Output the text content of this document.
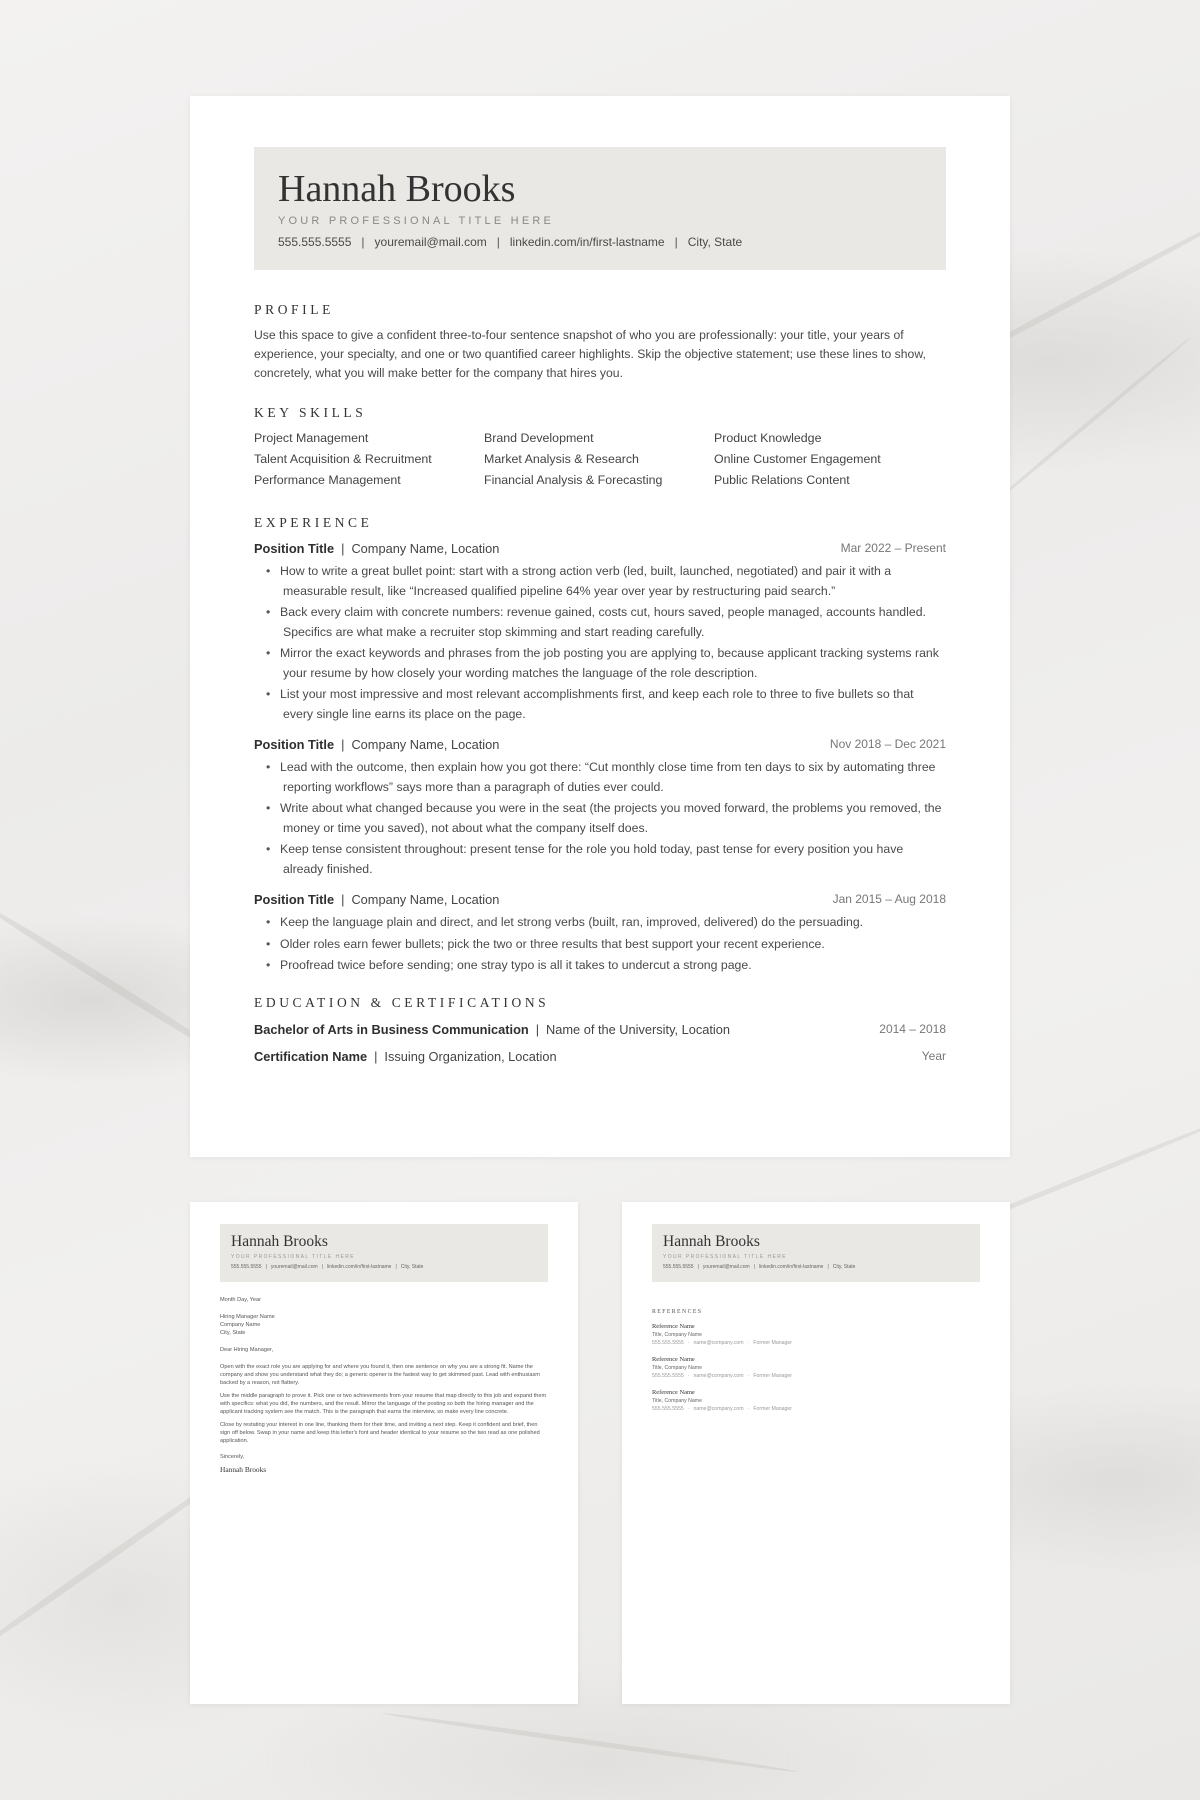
Hannah Brooks
YOUR PROFESSIONAL TITLE HERE
555.555.5555 | youremail@mail.com | linkedin.com/in/first-lastname | City, State
PROFILE
Use this space to give a confident three-to-four sentence snapshot of who you are professionally: your title, your years of experience, your specialty, and one or two quantified career highlights. Skip the objective statement; use these lines to show, concretely, what you will make better for the company that hires you.
KEY SKILLS
Project Management	Brand Development	Product Knowledge
Talent Acquisition & Recruitment	Market Analysis & Research	Online Customer Engagement
Performance Management	Financial Analysis & Forecasting	Public Relations Content
EXPERIENCE
Position Title | Company Name, Location	Mar 2022 – Present
• How to write a great bullet point: start with a strong action verb (led, built, launched, negotiated) and pair it with a measurable result, like “Increased qualified pipeline 64% year over year by restructuring paid search.”
• Back every claim with concrete numbers: revenue gained, costs cut, hours saved, people managed, accounts handled. Specifics are what make a recruiter stop skimming and start reading carefully.
• Mirror the exact keywords and phrases from the job posting you are applying to, because applicant tracking systems rank your resume by how closely your wording matches the language of the role description.
• List your most impressive and most relevant accomplishments first, and keep each role to three to five bullets so that every single line earns its place on the page.
Position Title | Company Name, Location	Nov 2018 – Dec 2021
• Lead with the outcome, then explain how you got there: “Cut monthly close time from ten days to six by automating three reporting workflows” says more than a paragraph of duties ever could.
• Write about what changed because you were in the seat (the projects you moved forward, the problems you removed, the money or time you saved), not about what the company itself does.
• Keep tense consistent throughout: present tense for the role you hold today, past tense for every position you have already finished.
Position Title | Company Name, Location	Jan 2015 – Aug 2018
• Keep the language plain and direct, and let strong verbs (built, ran, improved, delivered) do the persuading.
• Older roles earn fewer bullets; pick the two or three results that best support your recent experience.
• Proofread twice before sending; one stray typo is all it takes to undercut a strong page.
EDUCATION & CERTIFICATIONS
Bachelor of Arts in Business Communication | Name of the University, Location	2014 – 2018
Certification Name | Issuing Organization, Location	Year
Hannah Brooks
YOUR PROFESSIONAL TITLE HERE
555.555.5555 | youremail@mail.com | linkedin.com/in/first-lastname | City, State

Month Day, Year

Hiring Manager Name
Company Name
City, State

Dear Hiring Manager,

Open with the exact role you are applying for and where you found it, then one sentence on why you are a strong fit. Name the company and show you understand what they do; a generic opener is the fastest way to get skimmed past. Lead with enthusiasm backed by a reason, not flattery.

Use the middle paragraph to prove it. Pick one or two achievements from your resume that map directly to this job and expand them with specifics: what you did, the numbers, and the result. Mirror the language of the posting so both the hiring manager and the applicant tracking system see the match. This is the paragraph that earns the interview, so make every line concrete.

Close by restating your interest in one line, thanking them for their time, and inviting a next step. Keep it confident and brief, then sign off below. Swap in your name and keep this letter's font and header identical to your resume so the two read as one polished application.

Sincerely,

Hannah Brooks
Hannah Brooks
YOUR PROFESSIONAL TITLE HERE
555.555.5555 | youremail@mail.com | linkedin.com/in/first-lastname | City, State
REFERENCES
Reference Name
Title, Company Name
555.555.5555 · name@company.com · Former Manager
Reference Name
Title, Company Name
555.555.5555 · name@company.com · Former Manager
Reference Name
Title, Company Name
555.555.5555 · name@company.com · Former Manager
